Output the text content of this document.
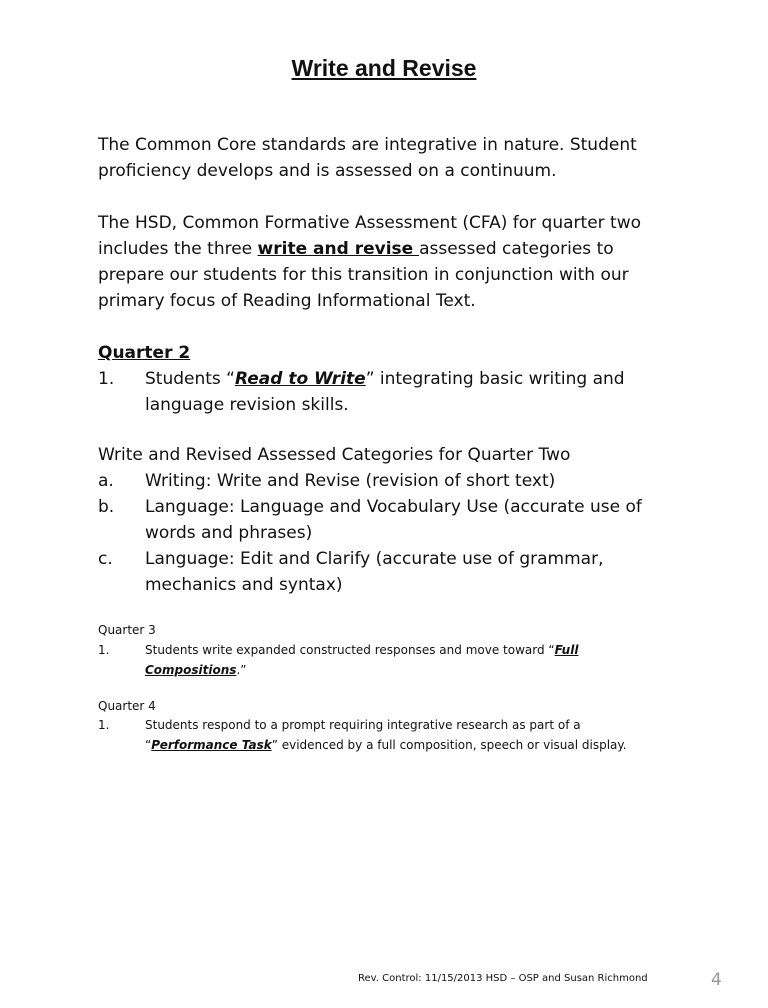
Write and Revise
The Common Core standards are integrative in nature. Student
proficiency develops and is assessed on a continuum.
The HSD, Common Formative Assessment (CFA) for quarter two
includes the three write and revise assessed categories to
prepare our students for this transition in conjunction with our
primary focus of Reading Informational Text.
Quarter 2
1. Students “Read to Write” integrating basic writing and
language revision skills.
Write and Revised Assessed Categories for Quarter Two
a. Writing: Write and Revise (revision of short text)
b. Language: Language and Vocabulary Use (accurate use of
words and phrases)
c. Language: Edit and Clarify (accurate use of grammar,
mechanics and syntax)
Quarter 3
1.	Students write expanded constructed responses and move toward “Full
Compositions.”
Quarter 4
1.	Students respond to a prompt requiring integrative research as part of a
“Performance Task” evidenced by a full composition, speech or visual display.
Rev. Control: 11/15/2013 HSD – OSP and Susan Richmond	4
